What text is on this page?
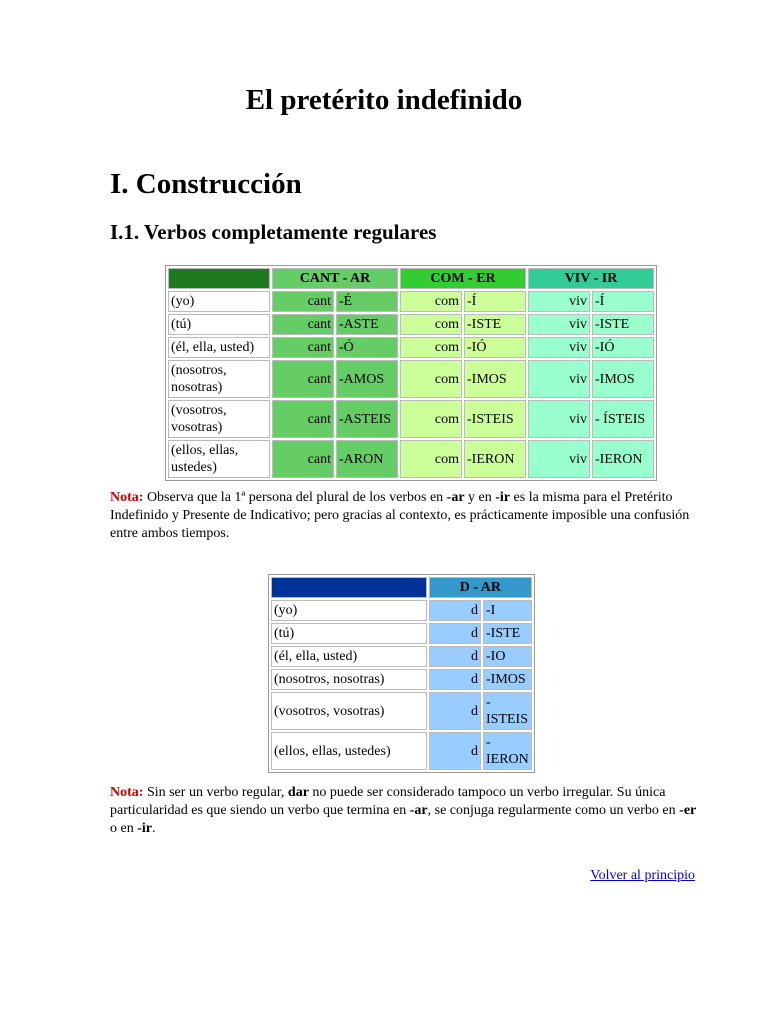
El pretérito indefinido
I. Construcción
I.1. Verbos completamente regulares
	CANT - AR		COM - ER		VIV - IR	
(yo)	cant	-É	com	-Í	viv	-Í
(tú)	cant	-ASTE	com	-ISTE	viv	-ISTE
(él, ella, usted)	cant	-Ó	com	-IÓ	viv	-IÓ
(nosotros, nosotras)	cant	-AMOS	com	-IMOS	viv	-IMOS
(vosotros, vosotras)	cant	-ASTEIS	com	-ISTEIS	viv	- ÍSTEIS
(ellos, ellas, ustedes)	cant	-ARON	com	-IERON	viv	-IERON

Nota: Observa que la 1ª persona del plural de los verbos en -ar y en -ir es la misma para el Pretérito Indefinido y Presente de Indicativo; pero gracias al contexto, es prácticamente imposible una confusión entre ambos tiempos.

	D - AR	
(yo)	d	-I
(tú)	d	-ISTE
(él, ella, usted)	d	-IO
(nosotros, nosotras)	d	-IMOS
(vosotros, vosotras)	d	-ISTEIS
(ellos, ellas, ustedes)	d	-IERON

Nota: Sin ser un verbo regular, dar no puede ser considerado tampoco un verbo irregular. Su única particularidad es que siendo un verbo que termina en -ar, se conjuga regularmente como un verbo en -er o en -ir.

Volver al principio
